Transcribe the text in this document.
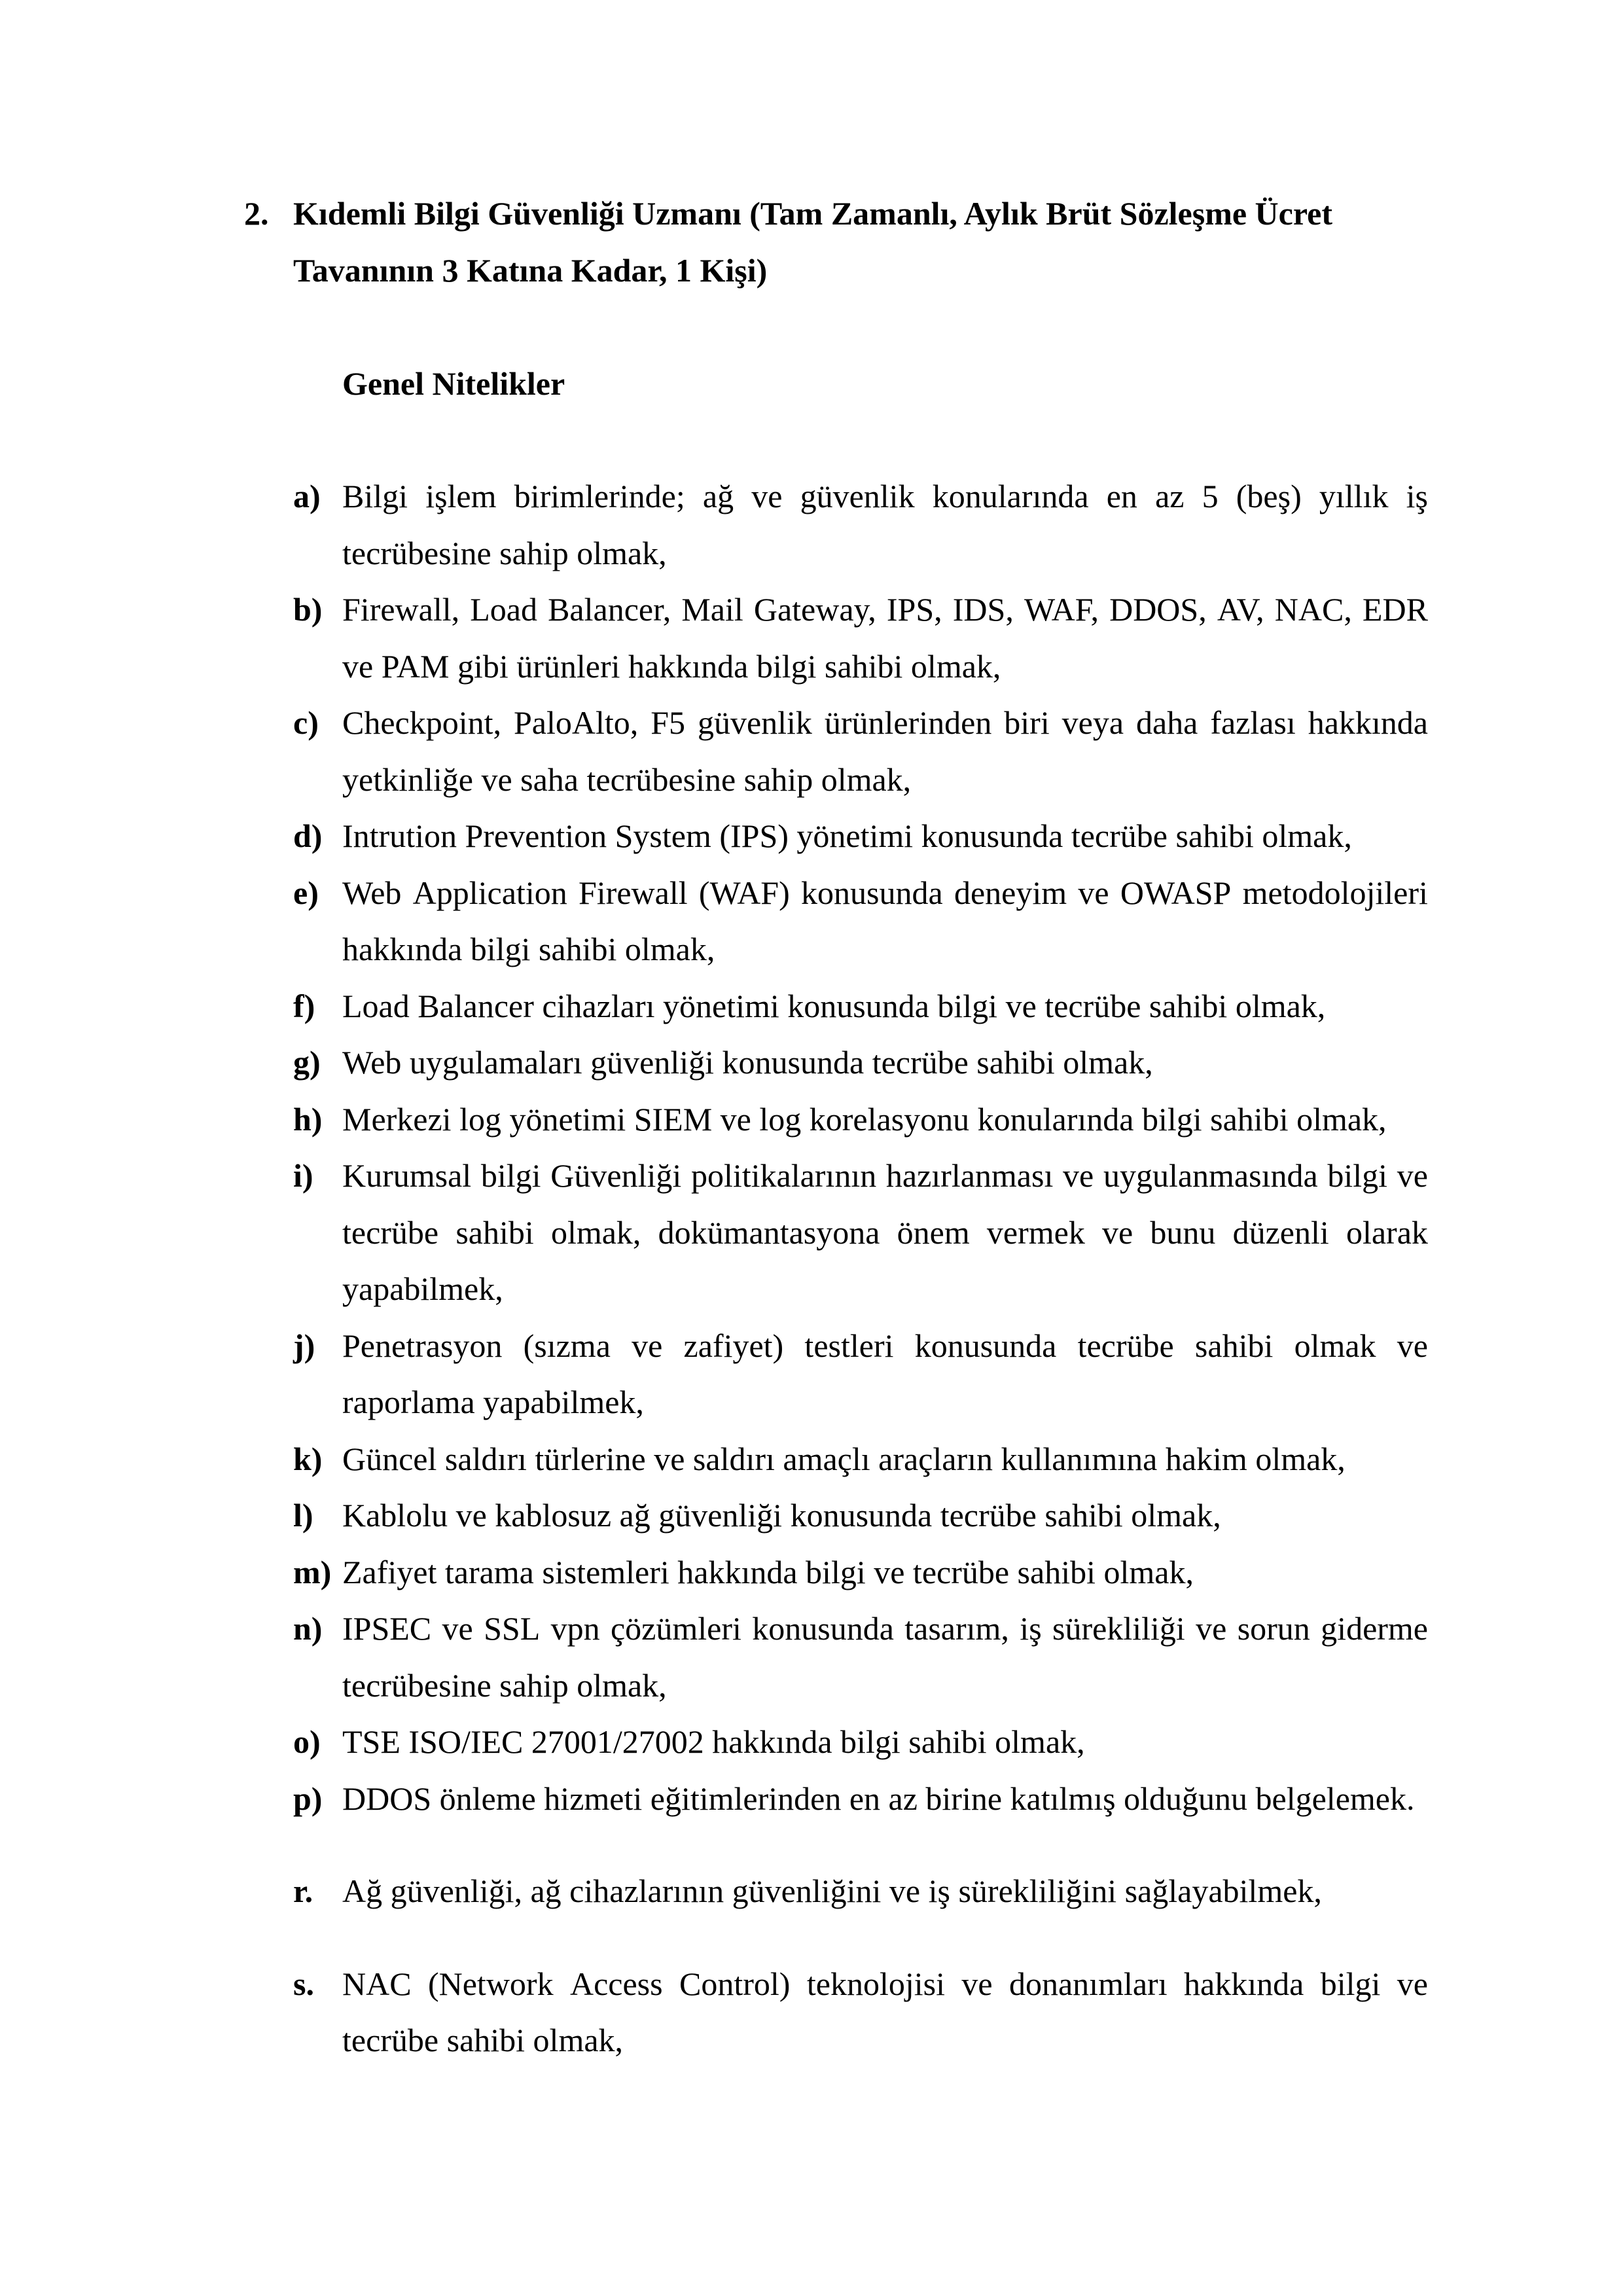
2. Kıdemli Bilgi Güvenliği Uzmanı (Tam Zamanlı, Aylık Brüt Sözleşme Ücret
Tavanının 3 Katına Kadar, 1 Kişi)
Genel Nitelikler
a) Bilgi işlem birimlerinde; ağ ve güvenlik konularında en az 5 (beş) yıllık iş
tecrübesine sahip olmak,
b) Firewall, Load Balancer, Mail Gateway, IPS, IDS, WAF, DDOS, AV, NAC, EDR
ve PAM gibi ürünleri hakkında bilgi sahibi olmak,
c) Checkpoint, PaloAlto, F5 güvenlik ürünlerinden biri veya daha fazlası hakkında
yetkinliğe ve saha tecrübesine sahip olmak,
d) Intrution Prevention System (IPS) yönetimi konusunda tecrübe sahibi olmak,
e) Web Application Firewall (WAF) konusunda deneyim ve OWASP metodolojileri
hakkında bilgi sahibi olmak,
f) Load Balancer cihazları yönetimi konusunda bilgi ve tecrübe sahibi olmak,
g) Web uygulamaları güvenliği konusunda tecrübe sahibi olmak,
h) Merkezi log yönetimi SIEM ve log korelasyonu konularında bilgi sahibi olmak,
i) Kurumsal bilgi Güvenliği politikalarının hazırlanması ve uygulanmasında bilgi ve
tecrübe sahibi olmak, dokümantasyona önem vermek ve bunu düzenli olarak
yapabilmek,
j) Penetrasyon (sızma ve zafiyet) testleri konusunda tecrübe sahibi olmak ve
raporlama yapabilmek,
k) Güncel saldırı türlerine ve saldırı amaçlı araçların kullanımına hakim olmak,
l) Kablolu ve kablosuz ağ güvenliği konusunda tecrübe sahibi olmak,
m) Zafiyet tarama sistemleri hakkında bilgi ve tecrübe sahibi olmak,
n) IPSEC ve SSL vpn çözümleri konusunda tasarım, iş sürekliliği ve sorun giderme
tecrübesine sahip olmak,
o) TSE ISO/IEC 27001/27002 hakkında bilgi sahibi olmak,
p) DDOS önleme hizmeti eğitimlerinden en az birine katılmış olduğunu belgelemek.
r. Ağ güvenliği, ağ cihazlarının güvenliğini ve iş sürekliliğini sağlayabilmek,
s. NAC (Network Access Control) teknolojisi ve donanımları hakkında bilgi ve
tecrübe sahibi olmak,
